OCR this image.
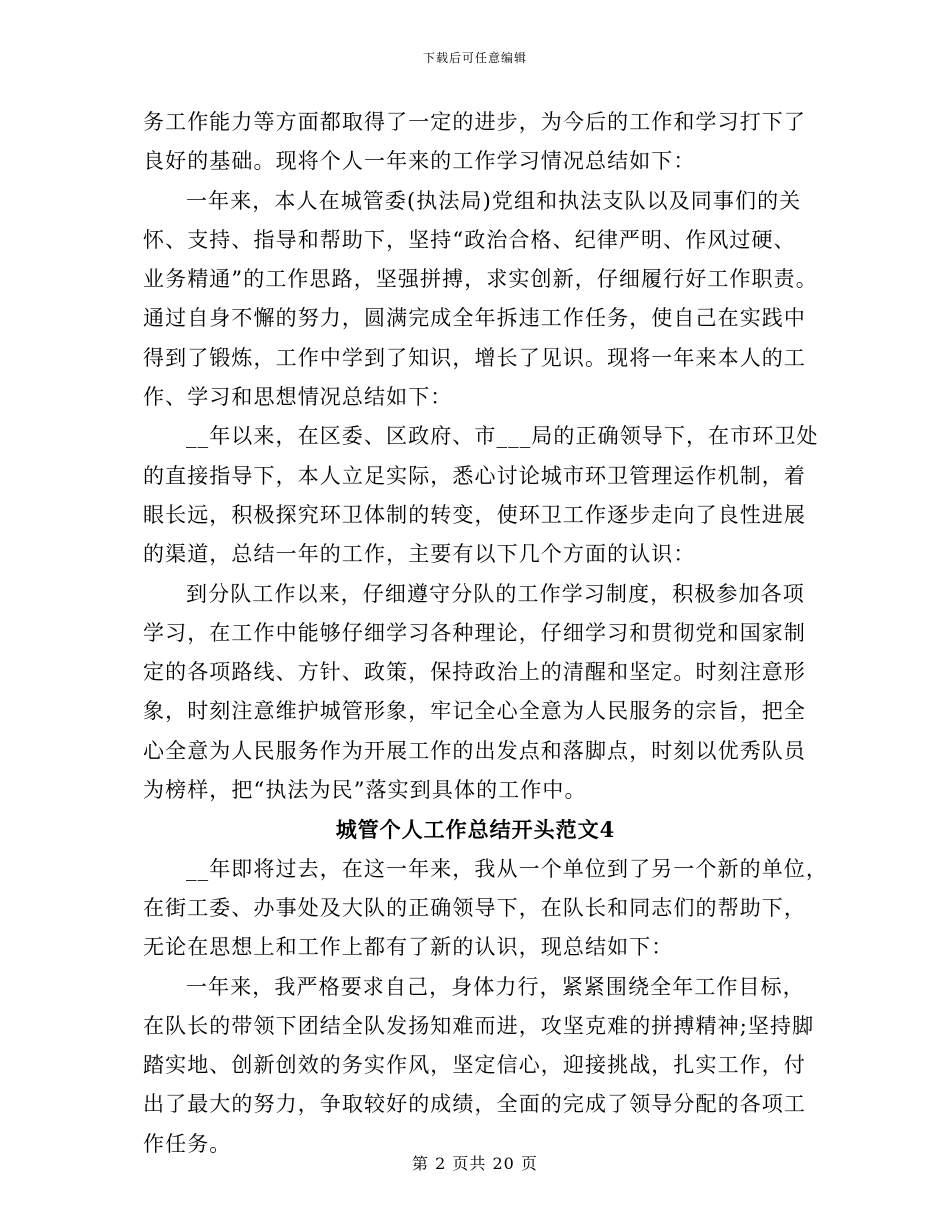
下载后可任意编辑
务工作能力等方面都取得了一定的进步，为今后的工作和学习打下了
良好的基础。现将个人一年来的工作学习情况总结如下：
一年来，本人在城管委(执法局)党组和执法支队以及同事们的关
怀、支持、指导和帮助下，坚持“政治合格、纪律严明、作风过硬、
业务精通”的工作思路，坚强拼搏，求实创新，仔细履行好工作职责。
通过自身不懈的努力，圆满完成全年拆违工作任务，使自己在实践中
得到了锻炼，工作中学到了知识，增长了见识。现将一年来本人的工
作、学习和思想情况总结如下：
__年以来，在区委、区政府、市___局的正确领导下，在市环卫处
的直接指导下，本人立足实际，悉心讨论城市环卫管理运作机制，着
眼长远，积极探究环卫体制的转变，使环卫工作逐步走向了良性进展
的渠道，总结一年的工作，主要有以下几个方面的认识：
到分队工作以来，仔细遵守分队的工作学习制度，积极参加各项
学习，在工作中能够仔细学习各种理论，仔细学习和贯彻党和国家制
定的各项路线、方针、政策，保持政治上的清醒和坚定。时刻注意形
象，时刻注意维护城管形象，牢记全心全意为人民服务的宗旨，把全
心全意为人民服务作为开展工作的出发点和落脚点，时刻以优秀队员
为榜样，把“执法为民”落实到具体的工作中。
城管个人工作总结开头范文4
__年即将过去，在这一年来，我从一个单位到了另一个新的单位，
在街工委、办事处及大队的正确领导下，在队长和同志们的帮助下，
无论在思想上和工作上都有了新的认识，现总结如下：
一年来，我严格要求自己，身体力行，紧紧围绕全年工作目标，
在队长的带领下团结全队发扬知难而进，攻坚克难的拼搏精神;坚持脚
踏实地、创新创效的务实作风，坚定信心，迎接挑战，扎实工作，付
出了最大的努力，争取较好的成绩，全面的完成了领导分配的各项工
作任务。
第 2 页共 20 页
